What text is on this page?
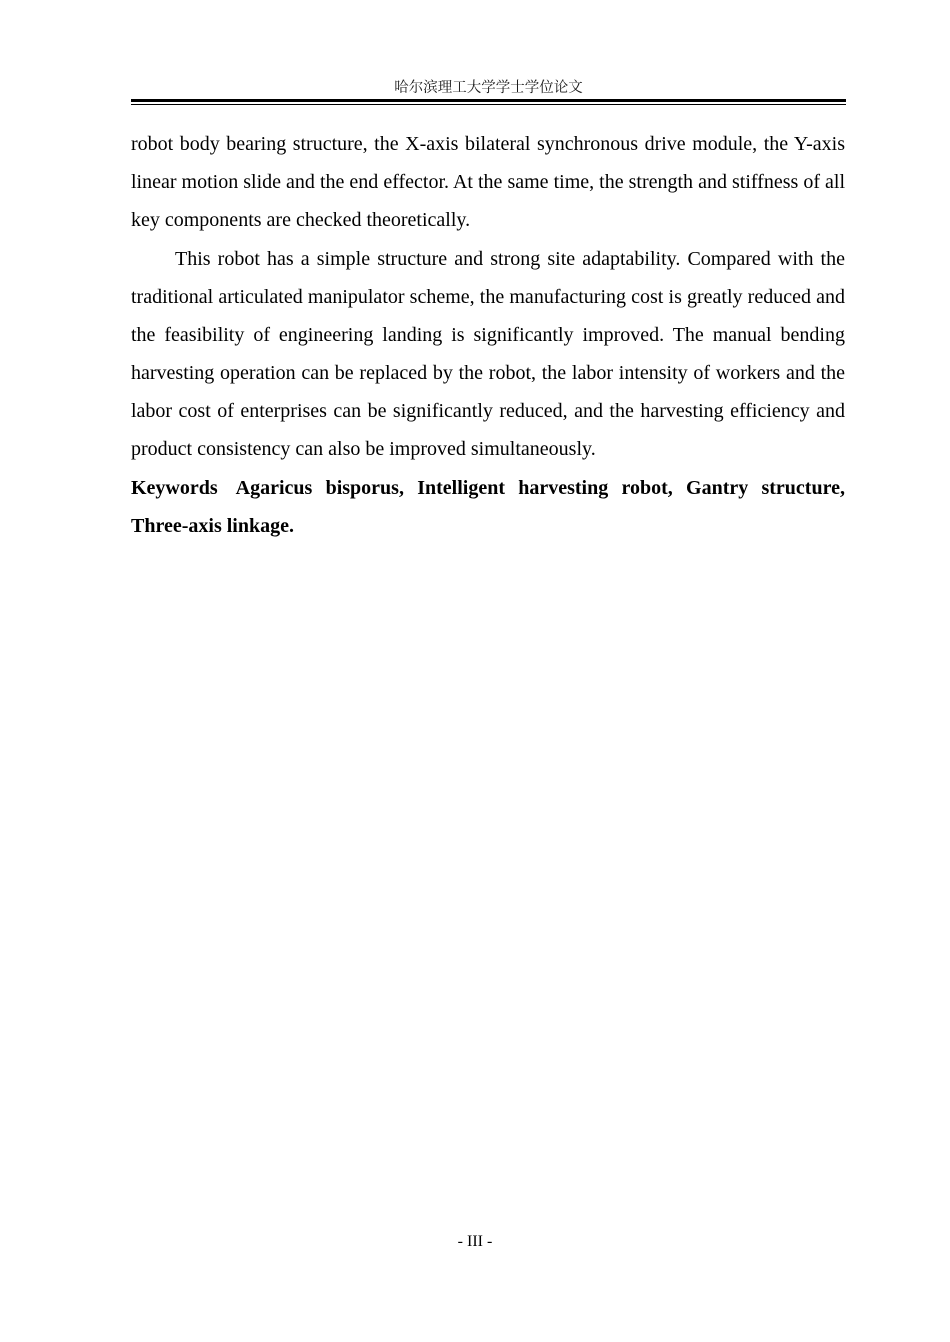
哈尔滨理工大学学士学位论文

robot body bearing structure, the X-axis bilateral synchronous drive module, the Y-axis linear motion slide and the end effector. At the same time, the strength and stiffness of all key components are checked theoretically.

This robot has a simple structure and strong site adaptability. Compared with the traditional articulated manipulator scheme, the manufacturing cost is greatly reduced and the feasibility of engineering landing is significantly improved. The manual bending harvesting operation can be replaced by the robot, the labor intensity of workers and the labor cost of enterprises can be significantly reduced, and the harvesting efficiency and product consistency can also be improved simultaneously.

Keywords Agaricus bisporus, Intelligent harvesting robot, Gantry structure, Three-axis linkage.

- III -
